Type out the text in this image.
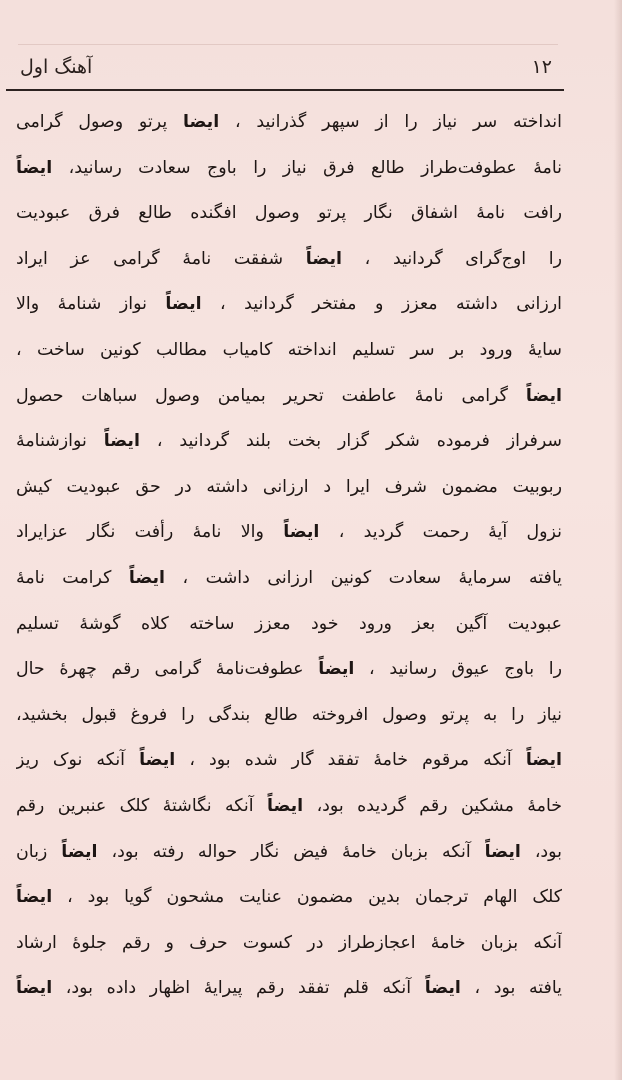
۱۲
آهنگ اول
انداخته سر نیاز را از سپهر گذرانید ، ایضا پرتو وصول گرامی
نامهٔ عطوفت‌طراز طالع فرق نیاز را باوج سعادت رسانید، ایضاً
رافت نامهٔ اشفاق نگار پرتو وصول افگنده طالع فرق عبودیت
را اوج‌گرای گردانید ، ایضاً شفقت نامهٔ گرامی عز ایراد
ارزانی داشته معزز و مفتخر گردانید ، ایضاً نواز شنامهٔ والا
سایهٔ ورود بر سر تسلیم انداخته کامیاب مطالب کونین ساخت ،
ایضاً گرامی نامهٔ عاطفت تحریر بمیامن وصول سباهات حصول
سرفراز فرموده شکر گزار بخت بلند گردانید ، ایضاً نوازشنامهٔ
ربوبیت مضمون شرف ایرا د ارزانی داشته در حق عبودیت کیش
نزول آیهٔ رحمت گردید ، ایضاً والا نامهٔ رأفت نگار عزایراد
یافته سرمایهٔ سعادت کونین ارزانی داشت ، ایضاً کرامت نامهٔ
عبودیت آگین بعز ورود خود معزز ساخته کلاه گوشهٔ تسلیم
را باوج عیوق رسانید ، ایضاً عطوفت‌نامهٔ گرامی رقم چهرهٔ حال
نیاز را به پرتو وصول افروخته طالع بندگی را فروغ قبول بخشید،
ایضاً آنکه مرقوم خامهٔ تفقد گار شده بود ، ایضاً آنکه نوک ریز
خامهٔ مشکین رقم گردیده بود، ایضاً آنکه نگاشتهٔ کلک عنبرین رقم
بود، ایضاً آنکه بزبان خامهٔ فیض نگار حواله رفته بود، ایضاً زبان
کلک الهام ترجمان بدین مضمون عنایت مشحون گویا بود ، ایضاً
آنکه بزبان خامهٔ اعجازطراز در کسوت حرف و رقم جلوهٔ ارشاد
یافته بود ، ایضاً آنکه قلم تفقد رقم پیرایهٔ اظهار داده بود، ایضاً
